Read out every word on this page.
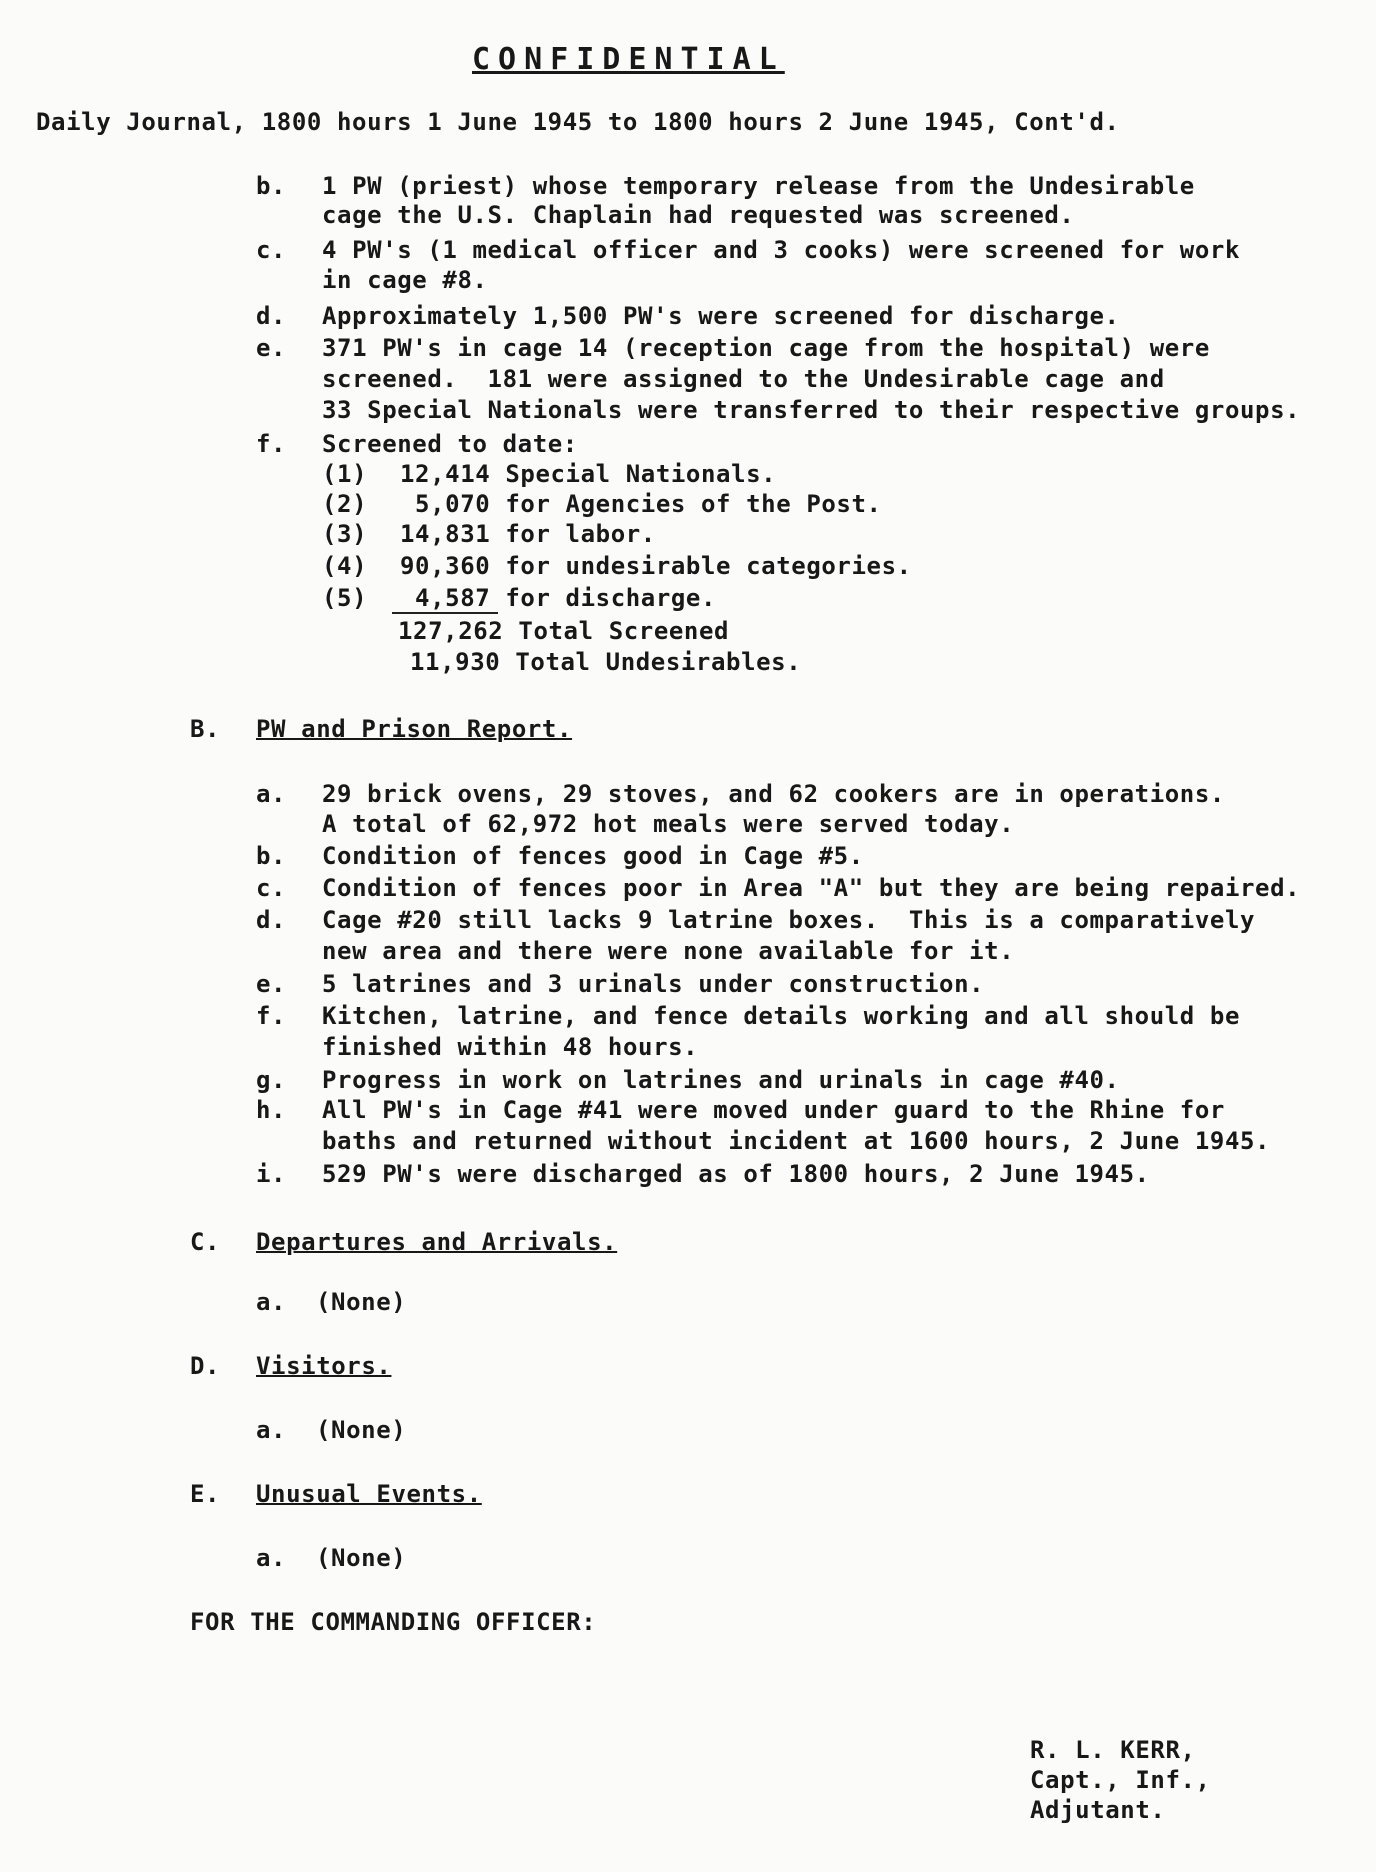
CONFIDENTIAL
Daily Journal, 1800 hours 1 June 1945 to 1800 hours 2 June 1945, Cont'd.
b. 1 PW (priest) whose temporary release from the Undesirable
cage the U.S. Chaplain had requested was screened.
c. 4 PW's (1 medical officer and 3 cooks) were screened for work
in cage #8.
d. Approximately 1,500 PW's were screened for discharge.
e. 371 PW's in cage 14 (reception cage from the hospital) were
screened.  181 were assigned to the Undesirable cage and
33 Special Nationals were transferred to their respective groups.
f. Screened to date:
(1) 12,414 Special Nationals.
(2) 5,070 for Agencies of the Post.
(3) 14,831 for labor.
(4) 90,360 for undesirable categories.
(5) 4,587 for discharge.
127,262 Total Screened
11,930 Total Undesirables.
B. PW and Prison Report.
a. 29 brick ovens, 29 stoves, and 62 cookers are in operations.
A total of 62,972 hot meals were served today.
b. Condition of fences good in Cage #5.
c. Condition of fences poor in Area "A" but they are being repaired.
d. Cage #20 still lacks 9 latrine boxes.  This is a comparatively
new area and there were none available for it.
e. 5 latrines and 3 urinals under construction.
f. Kitchen, latrine, and fence details working and all should be
finished within 48 hours.
g. Progress in work on latrines and urinals in cage #40.
h. All PW's in Cage #41 were moved under guard to the Rhine for
baths and returned without incident at 1600 hours, 2 June 1945.
i. 529 PW's were discharged as of 1800 hours, 2 June 1945.
C. Departures and Arrivals.
a. (None)
D. Visitors.
a. (None)
E. Unusual Events.
a. (None)
FOR THE COMMANDING OFFICER:
R. L. KERR,
Capt., Inf.,
Adjutant.
